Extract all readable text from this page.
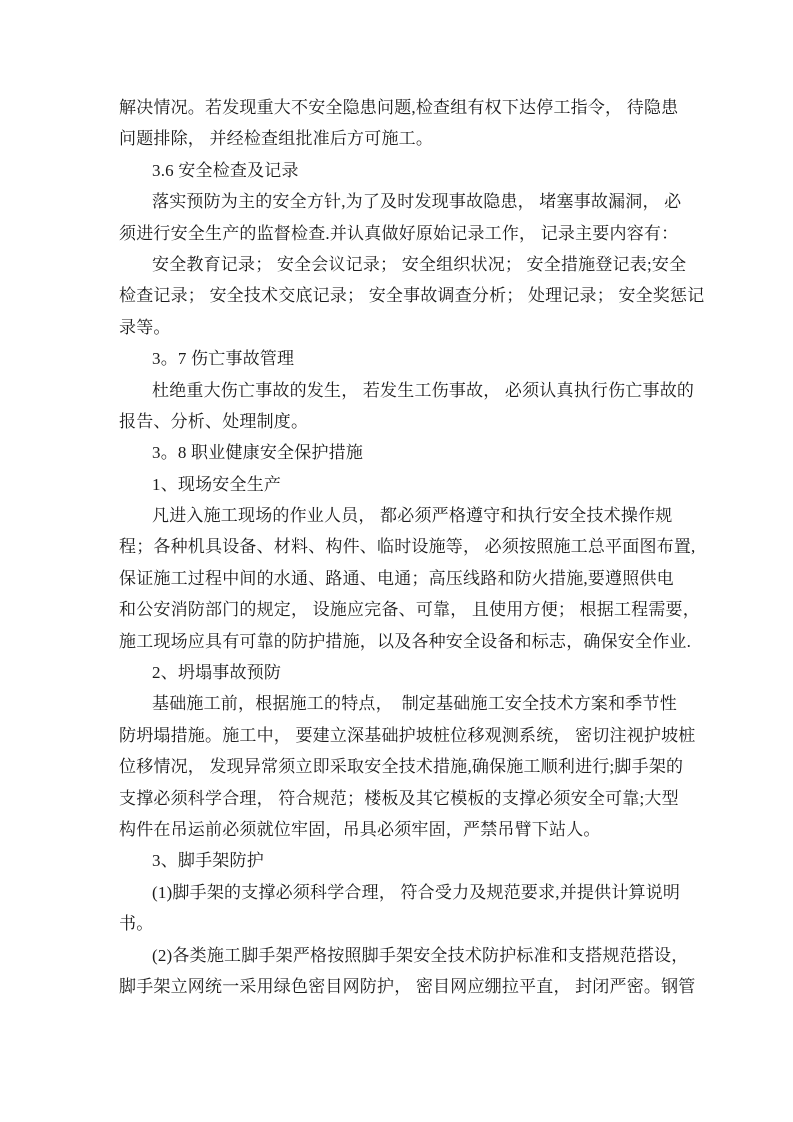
解决情况。若发现重大不安全隐患问题,检查组有权下达停工指令， 待隐患
问题排除， 并经检查组批准后方可施工。
3.6 安全检查及记录
落实预防为主的安全方针,为了及时发现事故隐患， 堵塞事故漏洞， 必
须进行安全生产的监督检查.并认真做好原始记录工作， 记录主要内容有：
安全教育记录； 安全会议记录； 安全组织状况； 安全措施登记表;安全
检查记录； 安全技术交底记录； 安全事故调查分析； 处理记录； 安全奖惩记
录等。
3。7 伤亡事故管理
杜绝重大伤亡事故的发生， 若发生工伤事故， 必须认真执行伤亡事故的
报告、分析、处理制度。
3。8 职业健康安全保护措施
1、现场安全生产
凡进入施工现场的作业人员， 都必须严格遵守和执行安全技术操作规
程；各种机具设备、材料、构件、临时设施等， 必须按照施工总平面图布置,
保证施工过程中间的水通、路通、电通；高压线路和防火措施,要遵照供电
和公安消防部门的规定， 设施应完备、可靠， 且使用方便； 根据工程需要，
施工现场应具有可靠的防护措施，以及各种安全设备和标志，确保安全作业.
2、坍塌事故预防
基础施工前，根据施工的特点，  制定基础施工安全技术方案和季节性
防坍塌措施。施工中， 要建立深基础护坡桩位移观测系统， 密切注视护坡桩
位移情况， 发现异常须立即采取安全技术措施,确保施工顺利进行;脚手架的
支撑必须科学合理， 符合规范；楼板及其它模板的支撑必须安全可靠;大型
构件在吊运前必须就位牢固，吊具必须牢固，严禁吊臂下站人。
3、脚手架防护
(1)脚手架的支撑必须科学合理， 符合受力及规范要求,并提供计算说明
书。
(2)各类施工脚手架严格按照脚手架安全技术防护标准和支搭规范搭设，
脚手架立网统一采用绿色密目网防护， 密目网应绷拉平直， 封闭严密。钢管
